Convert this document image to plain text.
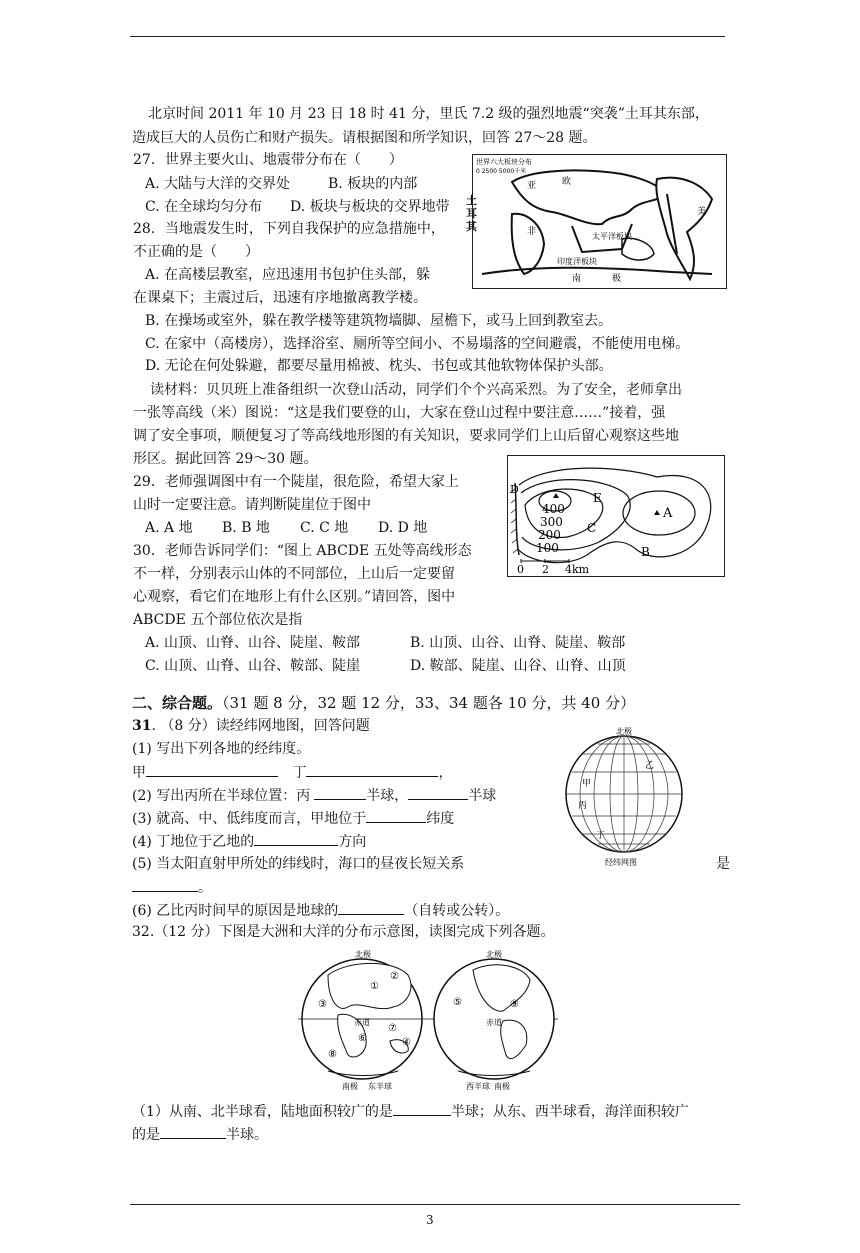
北京时间 2011 年 10 月 23 日 18 时 41 分，里氏 7.2 级的强烈地震“突袭”土耳其东部，
造成巨大的人员伤亡和财产损失。请根据图和所学知识，回答 27～28 题。
27．世界主要火山、地震带分布在（　　）
A. 大陆与大洋的交界处	B. 板块的内部
C. 在全球均匀分布 D. 板块与板块的交界地带
28．当地震发生时，下列自我保护的应急措施中，
不正确的是（　　）
A. 在高楼层教室，应迅速用书包护住头部，躲
在课桌下；主震过后，迅速有序地撤离教学楼。
B. 在操场或室外，躲在教学楼等建筑物墙脚、屋檐下，或马上回到教室去。
C. 在家中（高楼房），选择浴室、厕所等空间小、不易塌落的空间避震，不能使用电梯。
D. 无论在何处躲避，都要尽量用棉被、枕头、书包或其他软物体保护头部。
世界六大板块分布
0 2500 5000千米
亚	欧
非	太平洋板块
印度洋板块
美
南	极
土耳其
读材料：贝贝班上准备组织一次登山活动，同学们个个兴高采烈。为了安全，老师拿出
一张等高线（米）图说：“这是我们要登的山，大家在登山过程中要注意……”接着，强
调了安全事项，顺便复习了等高线地形图的有关知识，要求同学们上山后留心观察这些地
形区。据此回答 29～30 题。
29．老师强调图中有一个陡崖，很危险，希望大家上
山时一定要注意。请判断陡崖位于图中
A. A 地 B. B 地 C. C 地 D. D 地
30．老师告诉同学们：“图上 ABCDE 五处等高线形态
不一样，分别表示山体的不同部位，上山后一定要留
心观察，看它们在地形上有什么区别。”请回答，图中
ABCDE 五个部位依次是指
A. 山顶、山脊、山谷、陡崖、鞍部	B. 山顶、山谷、山脊、陡崖、鞍部
C. 山顶、山脊、山谷、鞍部、陡崖	D. 鞍部、陡崖、山谷、山脊、山顶
D
E
A
B
C
400
300
200
100
0 2 4km
二、综合题。（31 题 8 分，32 题 12 分，33、34 题各 10 分，共 40 分）
31. （8 分）读经纬网地图，回答问题
(1) 写出下列各地的经纬度。
甲	丁	，
(2) 写出丙所在半球位置：丙	半球，	半球
(3) 就高、中、低纬度而言，甲地位于	纬度
(4) 丁地位于乙地的	方向
(5) 当太阳直射甲所处的纬线时，海口的昼夜长短关系	是
。
(6) 乙比丙时间早的原因是地球的	（自转或公转）。
北极
乙
甲
丙
丁
经纬网图
32.（12 分）下图是大洲和大洋的分布示意图，读图完成下列各题。
北极
赤道
南极 东半球
①
②
③
④
⑥
⑦
⑧
北极
赤道
西半球 南极
⑤	⑨
（1）从南、北半球看，陆地面积较广的是	半球；从东、西半球看，海洋面积较广
的是	半球。
3
